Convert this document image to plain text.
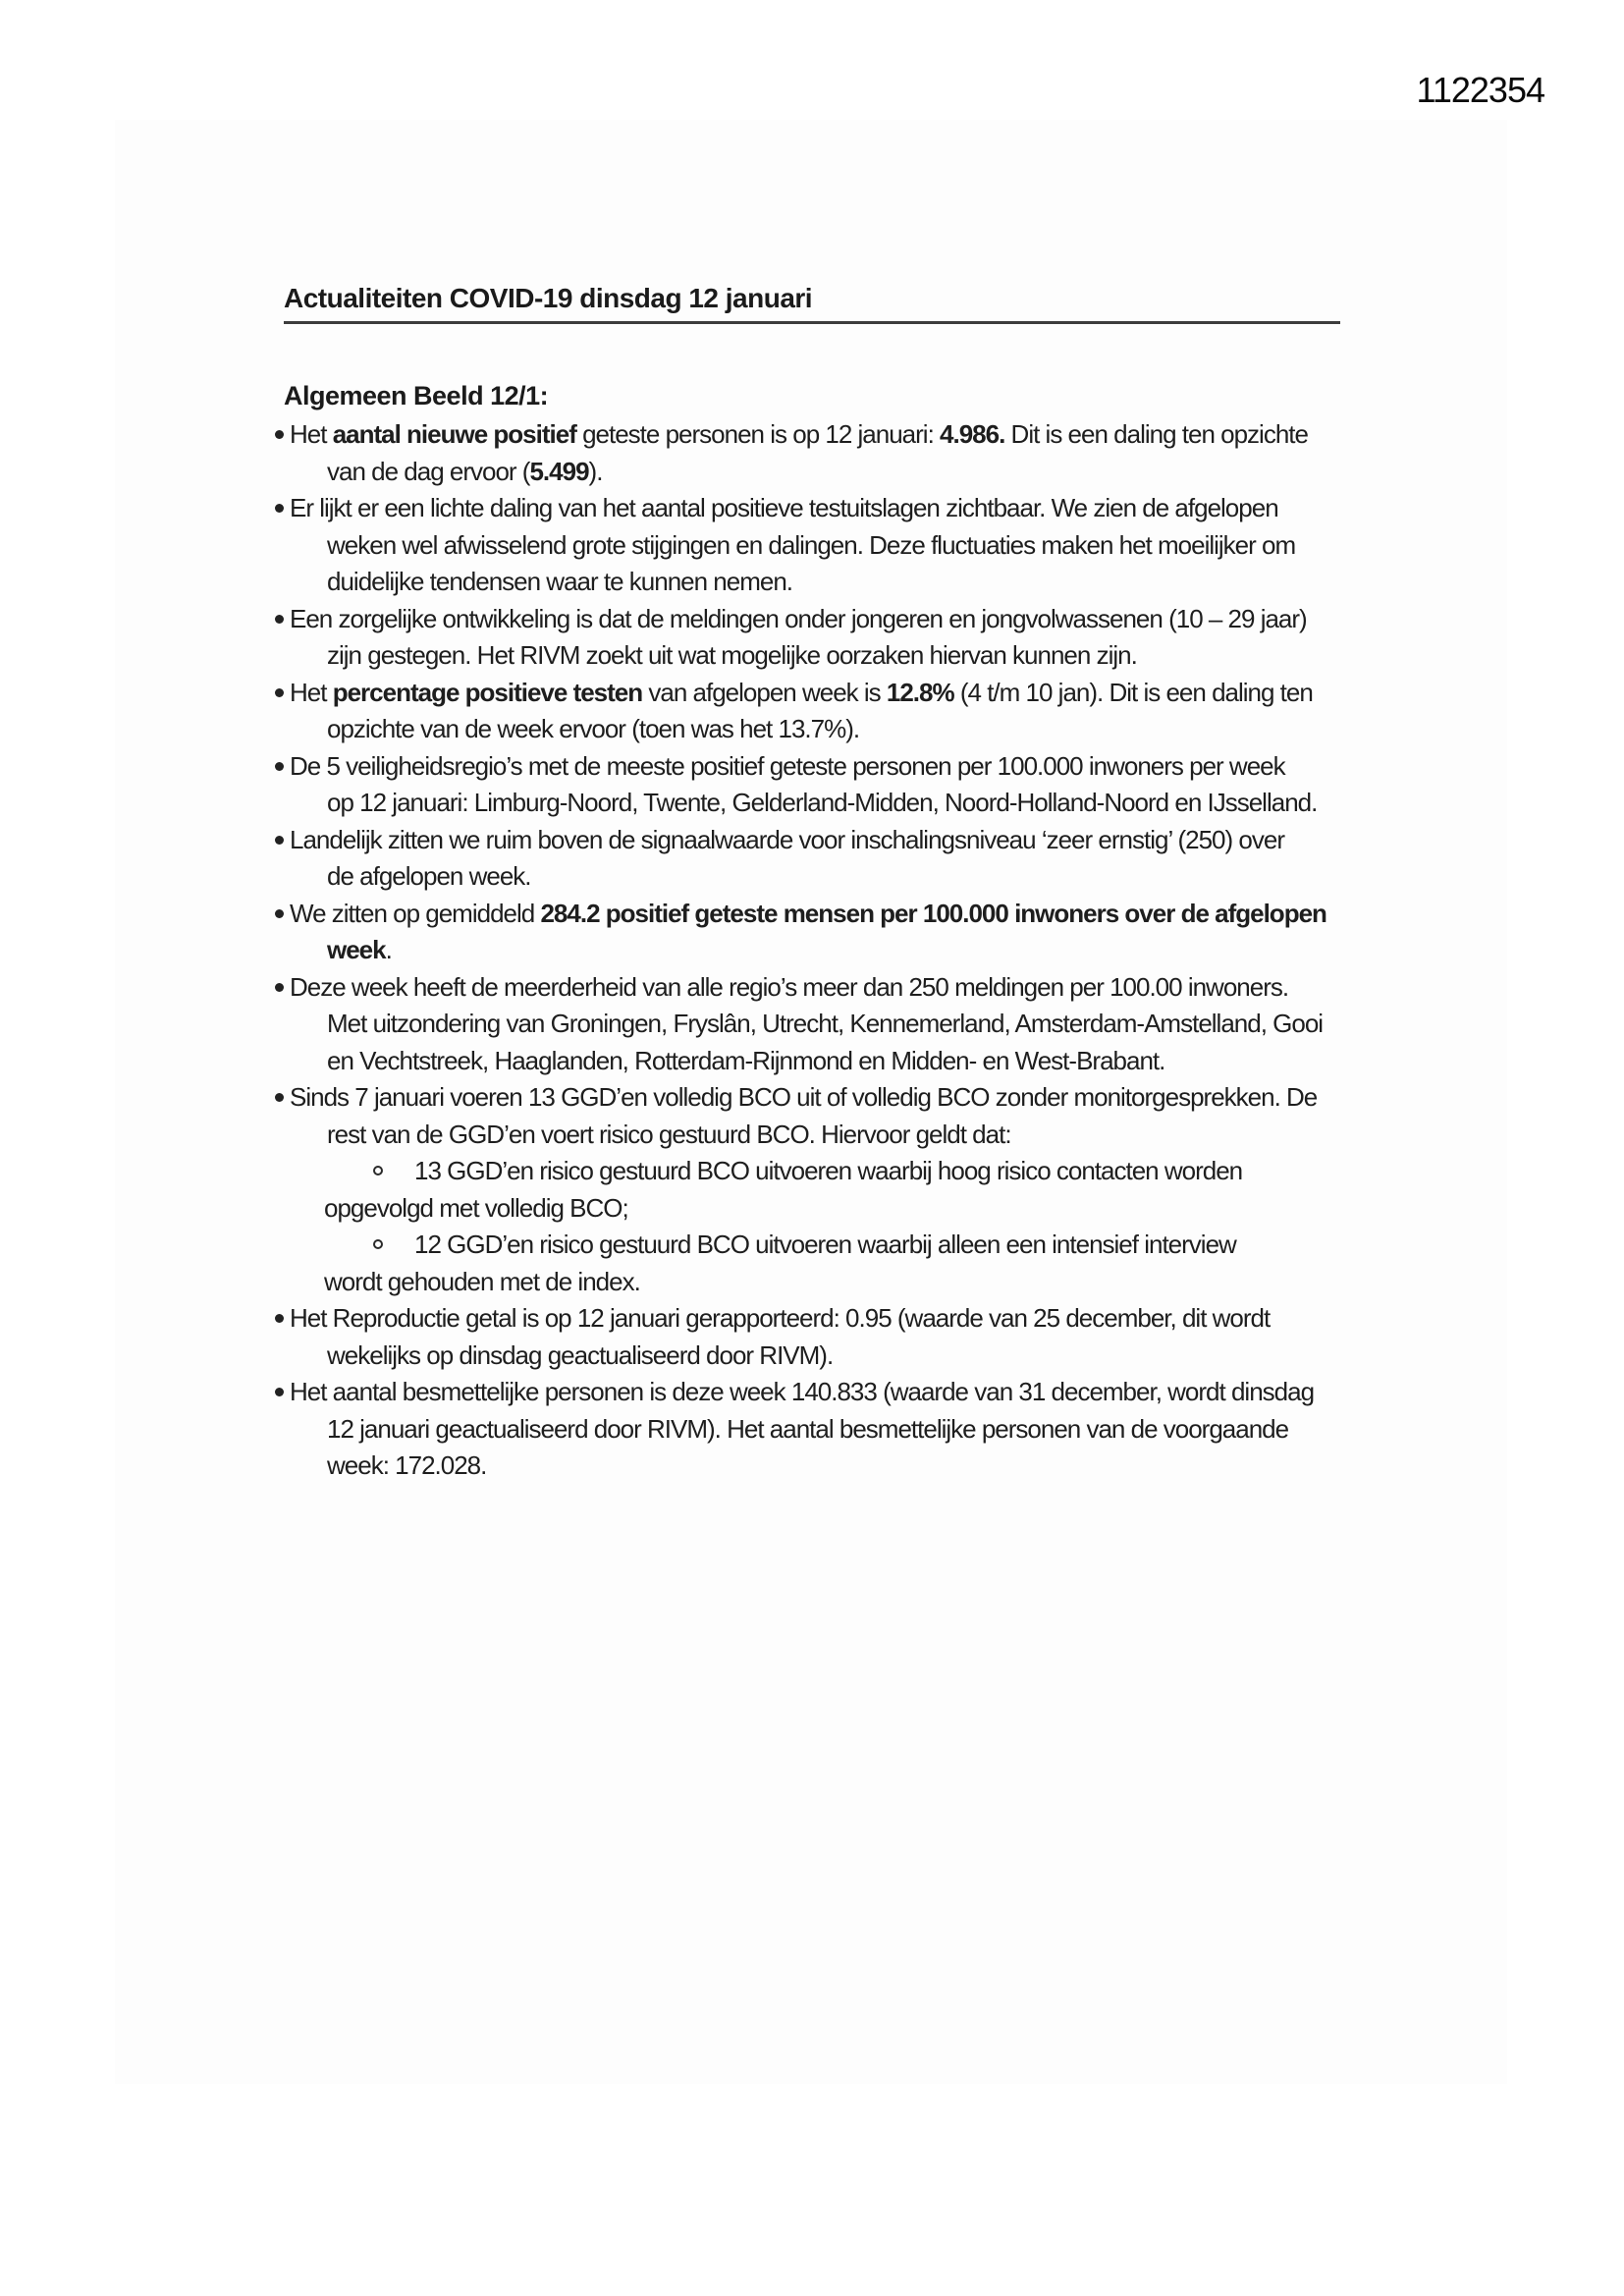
1122354
Actualiteiten COVID-19 dinsdag 12 januari
Algemeen Beeld 12/1:
Het aantal nieuwe positief geteste personen is op 12 januari: 4.986. Dit is een daling ten opzichte
van de dag ervoor (5.499).
Er lijkt er een lichte daling van het aantal positieve testuitslagen zichtbaar. We zien de afgelopen
weken wel afwisselend grote stijgingen en dalingen. Deze fluctuaties maken het moeilijker om
duidelijke tendensen waar te kunnen nemen.
Een zorgelijke ontwikkeling is dat de meldingen onder jongeren en jongvolwassenen (10 – 29 jaar)
zijn gestegen. Het RIVM zoekt uit wat mogelijke oorzaken hiervan kunnen zijn.
Het percentage positieve testen van afgelopen week is 12.8% (4 t/m 10 jan). Dit is een daling ten
opzichte van de week ervoor (toen was het 13.7%).
De 5 veiligheidsregio’s met de meeste positief geteste personen per 100.000 inwoners per week
op 12 januari: Limburg-Noord, Twente, Gelderland-Midden, Noord-Holland-Noord en IJsselland.
Landelijk zitten we ruim boven de signaalwaarde voor inschalingsniveau ‘zeer ernstig’ (250) over
de afgelopen week.
We zitten op gemiddeld 284.2 positief geteste mensen per 100.000 inwoners over de afgelopen
week.
Deze week heeft de meerderheid van alle regio’s meer dan 250 meldingen per 100.00 inwoners.
Met uitzondering van Groningen, Fryslân, Utrecht, Kennemerland, Amsterdam-Amstelland, Gooi
en Vechtstreek, Haaglanden, Rotterdam-Rijnmond en Midden- en West-Brabant.
Sinds 7 januari voeren 13 GGD’en volledig BCO uit of volledig BCO zonder monitorgesprekken. De
rest van de GGD’en voert risico gestuurd BCO. Hiervoor geldt dat:
13 GGD’en risico gestuurd BCO uitvoeren waarbij hoog risico contacten worden
opgevolgd met volledig BCO;
12 GGD’en risico gestuurd BCO uitvoeren waarbij alleen een intensief interview
wordt gehouden met de index.
Het Reproductie getal is op 12 januari gerapporteerd: 0.95 (waarde van 25 december, dit wordt
wekelijks op dinsdag geactualiseerd door RIVM).
Het aantal besmettelijke personen is deze week 140.833 (waarde van 31 december, wordt dinsdag
12 januari geactualiseerd door RIVM). Het aantal besmettelijke personen van de voorgaande
week: 172.028.
